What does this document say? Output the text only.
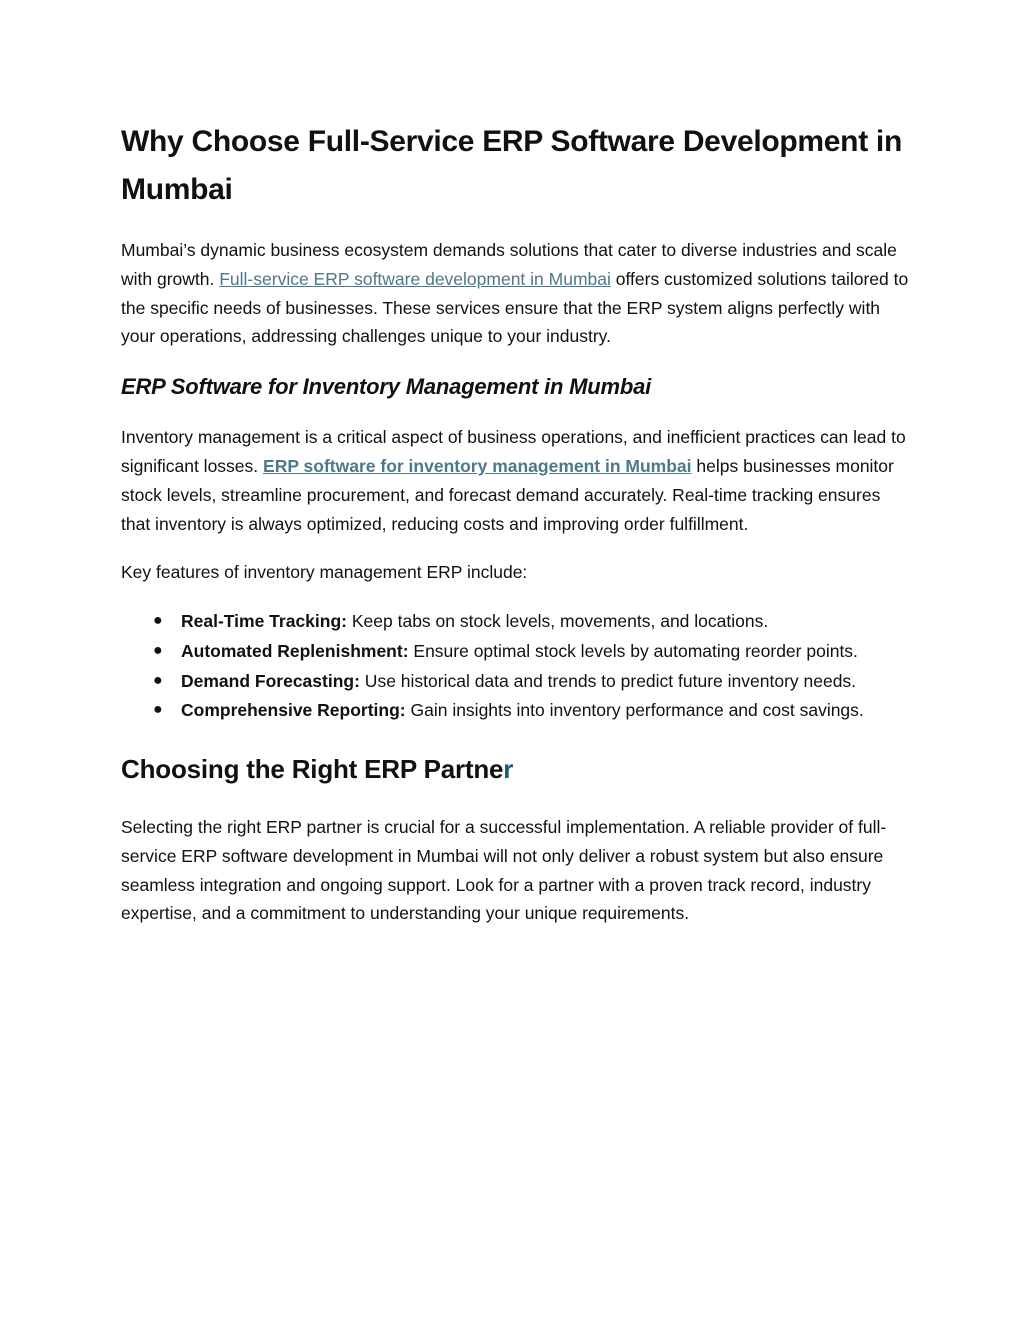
Why Choose Full-Service ERP Software Development in Mumbai

Mumbai’s dynamic business ecosystem demands solutions that cater to diverse industries and scale with growth. Full-service ERP software development in Mumbai offers customized solutions tailored to the specific needs of businesses. These services ensure that the ERP system aligns perfectly with your operations, addressing challenges unique to your industry.

ERP Software for Inventory Management in Mumbai

Inventory management is a critical aspect of business operations, and inefficient practices can lead to significant losses. ERP software for inventory management in Mumbai helps businesses monitor stock levels, streamline procurement, and forecast demand accurately. Real-time tracking ensures that inventory is always optimized, reducing costs and improving order fulfillment.

Key features of inventory management ERP include:

● Real-Time Tracking: Keep tabs on stock levels, movements, and locations.
● Automated Replenishment: Ensure optimal stock levels by automating reorder points.
● Demand Forecasting: Use historical data and trends to predict future inventory needs.
● Comprehensive Reporting: Gain insights into inventory performance and cost savings.
Choosing the Right ERP Partner

Selecting the right ERP partner is crucial for a successful implementation. A reliable provider of full-service ERP software development in Mumbai will not only deliver a robust system but also ensure seamless integration and ongoing support. Look for a partner with a proven track record, industry expertise, and a commitment to understanding your unique requirements.
